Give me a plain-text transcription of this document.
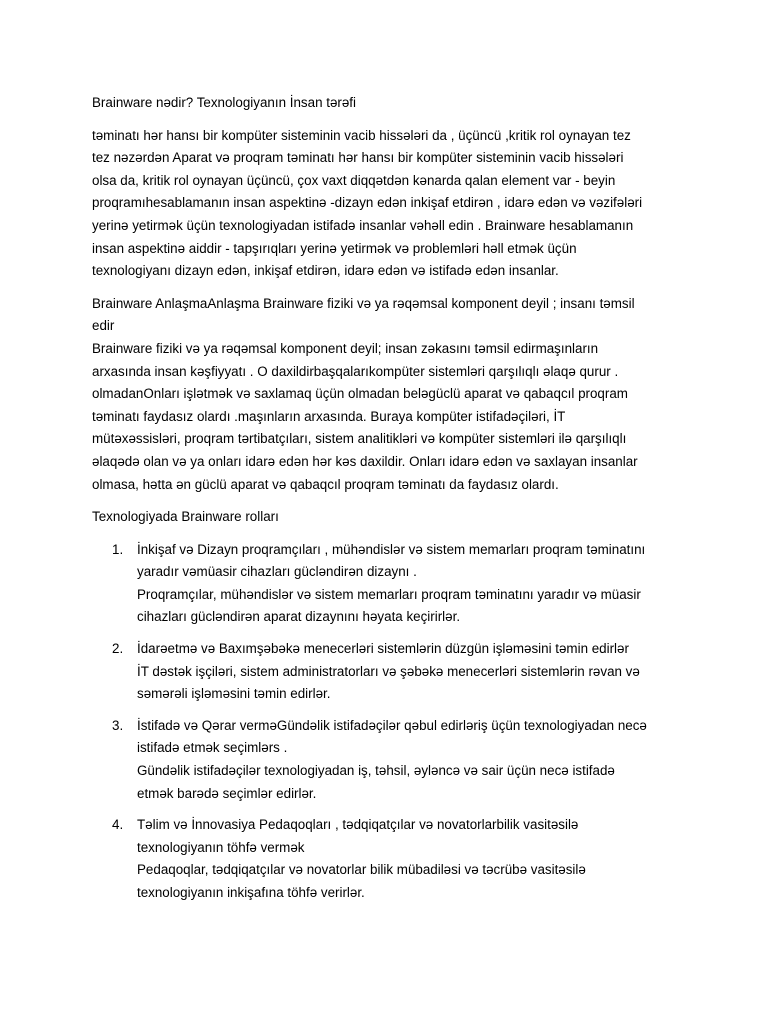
Brainware nədir? Texnologiyanın İnsan tərəfi

təminatı hər hansı bir kompüter sisteminin vacib hissələri da , üçüncü ,kritik rol oynayan tez
tez nəzərdən Aparat və proqram təminatı hər hansı bir kompüter sisteminin vacib hissələri
olsa da, kritik rol oynayan üçüncü, çox vaxt diqqətdən kənarda qalan element var - beyin
proqramıhesablamanın insan aspektinə -dizayn edən inkişaf etdirən , idarə edən və vəzifələri
yerinə yetirmək üçün texnologiyadan istifadə insanlar vəhəll edin . Brainware hesablamanın
insan aspektinə aiddir - tapşırıqları yerinə yetirmək və problemləri həll etmək üçün
texnologiyanı dizayn edən, inkişaf etdirən, idarə edən və istifadə edən insanlar.

Brainware AnlaşmaAnlaşma Brainware fiziki və ya rəqəmsal komponent deyil ; insanı təmsil
edir
Brainware fiziki və ya rəqəmsal komponent deyil; insan zəkasını təmsil edirmaşınların
arxasında insan kəşfiyyatı . O daxildirbaşqalarıkompüter sistemləri qarşılıqlı əlaqə qurur .
olmadanOnları işlətmək və saxlamaq üçün olmadan beləgüclü aparat və qabaqcıl proqram
təminatı faydasız olardı .maşınların arxasında. Buraya kompüter istifadəçiləri, İT
mütəxəssisləri, proqram tərtibatçıları, sistem analitikləri və kompüter sistemləri ilə qarşılıqlı
əlaqədə olan və ya onları idarə edən hər kəs daxildir. Onları idarə edən və saxlayan insanlar
olmasa, hətta ən güclü aparat və qabaqcıl proqram təminatı da faydasız olardı.

Texnologiyada Brainware rolları

1. İnkişaf və Dizayn proqramçıları , mühəndislər və sistem memarları proqram təminatını
yaradır vəmüasir cihazları gücləndirən dizaynı .
Proqramçılar, mühəndislər və sistem memarları proqram təminatını yaradır və müasir
cihazları gücləndirən aparat dizaynını həyata keçirirlər.
2. İdarəetmə və Baxımşəbəkə menecerləri sistemlərin düzgün işləməsini təmin edirlər
İT dəstək işçiləri, sistem administratorları və şəbəkə menecerləri sistemlərin rəvan və
səmərəli işləməsini təmin edirlər.
3. İstifadə və Qərar verməGündəlik istifadəçilər qəbul edirləriş üçün texnologiyadan necə
istifadə etmək seçimlərs .
Gündəlik istifadəçilər texnologiyadan iş, təhsil, əyləncə və sair üçün necə istifadə
etmək barədə seçimlər edirlər.
4. Təlim və İnnovasiya Pedaqoqları , tədqiqatçılar və novatorlarbilik vasitəsilə
texnologiyanın töhfə vermək
Pedaqoqlar, tədqiqatçılar və novatorlar bilik mübadiləsi və təcrübə vasitəsilə
texnologiyanın inkişafına töhfə verirlər.
